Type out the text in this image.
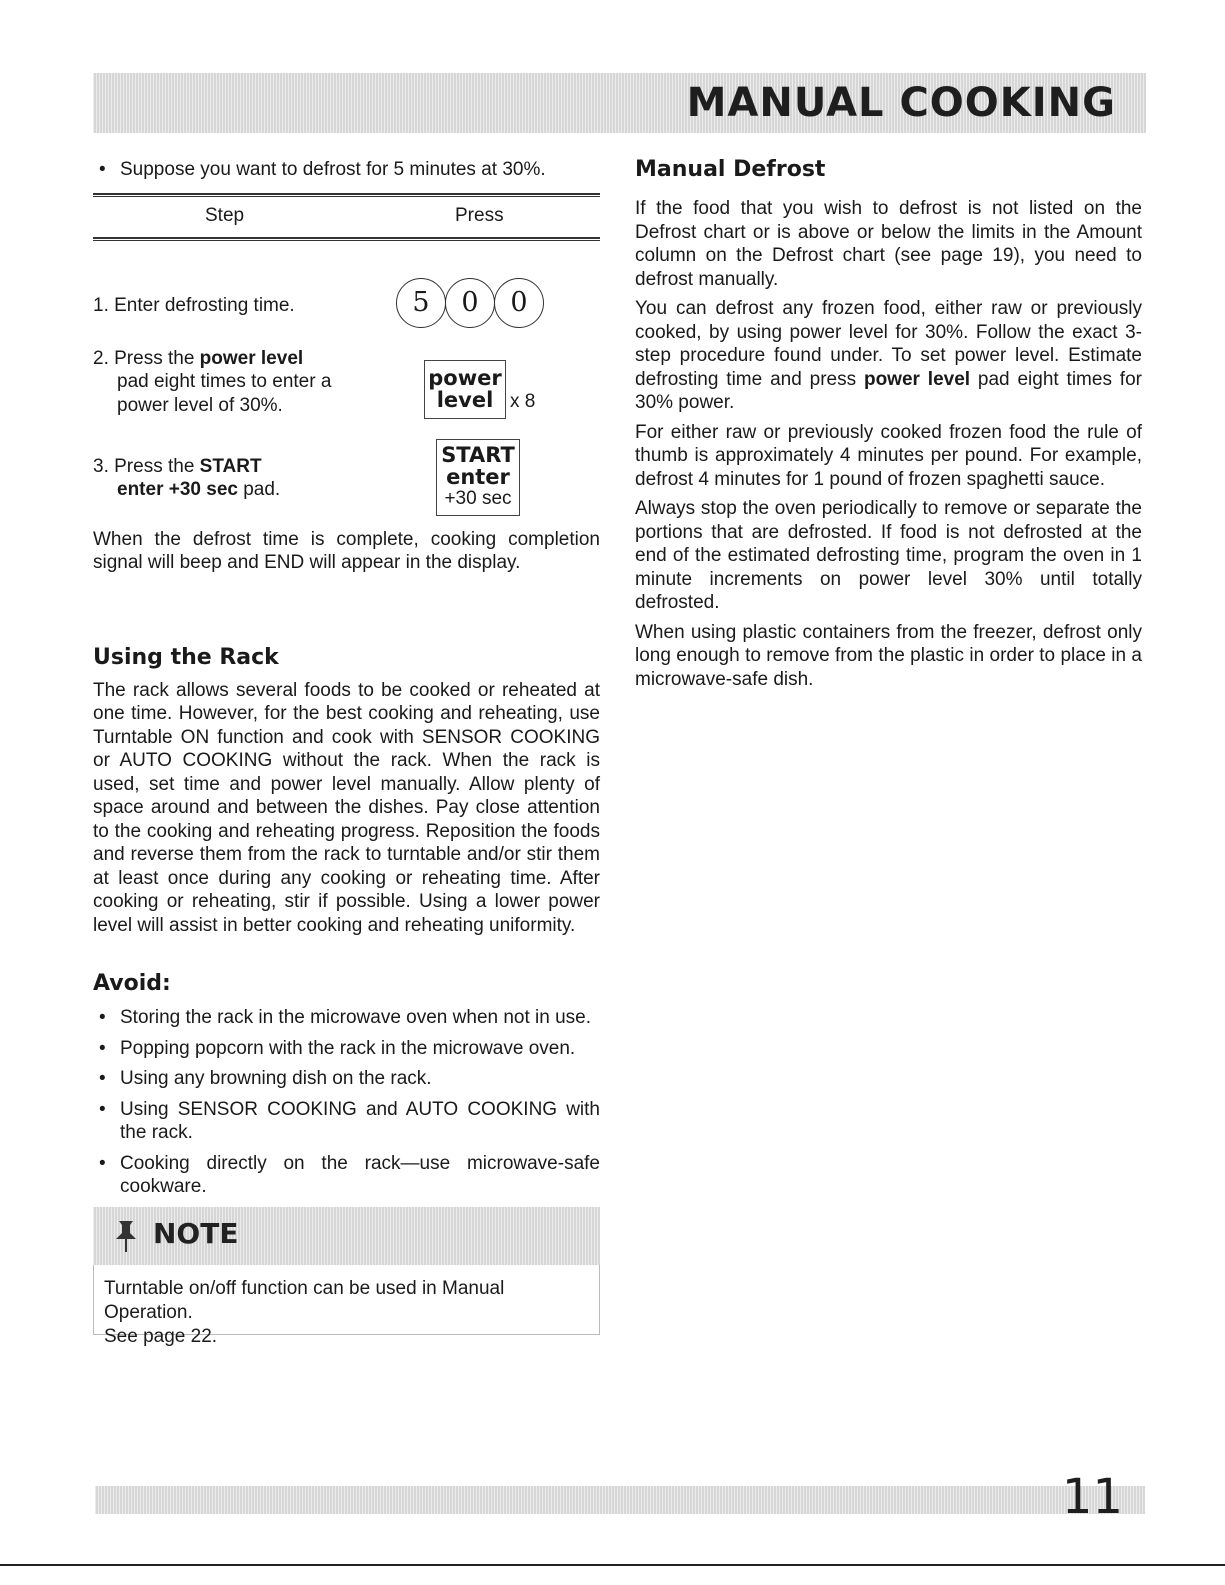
MANUAL COOKING
• Suppose you want to defrost for 5 minutes at 30%.
Step	Press
1. Enter defrosting time.	5 0 0
2. Press the power level
pad eight times to enter a power level of 30%.
power
level x 8
3. Press the START
enter +30 sec pad.
START
enter
+30 sec

When the defrost time is complete, cooking completion signal will beep and END will appear in the display.

Using the Rack

The rack allows several foods to be cooked or reheated at one time. However, for the best cooking and reheating, use Turntable ON function and cook with SENSOR COOKING or AUTO COOKING without the rack. When the rack is used, set time and power level manually. Allow plenty of space around and between the dishes. Pay close attention to the cooking and reheating progress. Reposition the foods and reverse them from the rack to turntable and/or stir them at least once during any cooking or reheating time. After cooking or reheating, stir if possible. Using a lower power level will assist in better cooking and reheating uniformity.

Avoid:
• Storing the rack in the microwave oven when not in use.
• Popping popcorn with the rack in the microwave oven.
• Using any browning dish on the rack.
• Using SENSOR COOKING and AUTO COOKING with the rack.
• Cooking directly on the rack—use microwave-safe cookware.
NOTE
Turntable on/off function can be used in Manual Operation.
See page 22.
Manual Defrost

If the food that you wish to defrost is not listed on the Defrost chart or is above or below the limits in the Amount column on the Defrost chart (see page 19), you need to defrost manually.

You can defrost any frozen food, either raw or previously cooked, by using power level for 30%. Follow the exact 3-step procedure found under. To set power level. Estimate defrosting time and press power level pad eight times for 30% power.

For either raw or previously cooked frozen food the rule of thumb is approximately 4 minutes per pound. For example, defrost 4 minutes for 1 pound of frozen spaghetti sauce.

Always stop the oven periodically to remove or separate the portions that are defrosted. If food is not defrosted at the end of the estimated defrosting time, program the oven in 1 minute increments on power level 30% until totally defrosted.

When using plastic containers from the freezer, defrost only long enough to remove from the plastic in order to place in a microwave-safe dish.

11
